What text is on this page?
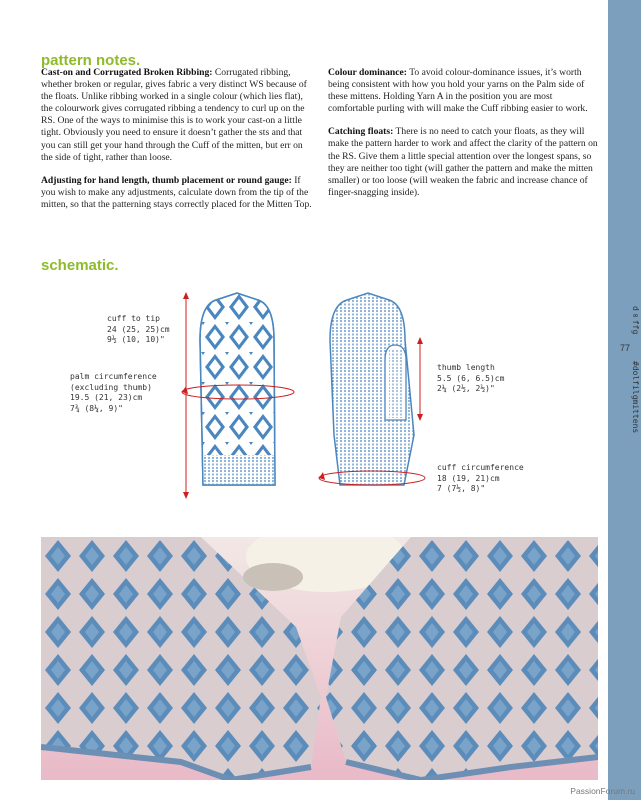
d∞ffg
77
#dolfilgmittens
pattern notes.

Cast-on and Corrugated Broken Ribbing: Corrugated ribbing, whether broken or regular, gives fabric a very distinct WS because of the floats. Unlike ribbing worked in a single colour (which lies flat), the colourwork gives corrugated ribbing a tendency to curl up on the RS. One of the ways to minimise this is to work your cast-on a little tight. Obviously you need to ensure it doesn’t gather the sts and that you can still get your hand through the Cuff of the mitten, but err on the side of tight, rather than loose.

Adjusting for hand length, thumb placement or round gauge: If you wish to make any adjustments, calculate down from the tip of the mitten, so that the patterning stays correctly placed for the Mitten Top.

Colour dominance: To avoid colour-dominance issues, it’s worth being consistent with how you hold your yarns on the Palm side of these mittens. Holding Yarn A in the position you are most comfortable purling with will make the Cuff ribbing easier to work.

Catching floats: There is no need to catch your floats, as they will make the pattern harder to work and affect the clarity of the pattern on the RS. Give them a little special attention over the longest spans, so they are neither too tight (will gather the pattern and make the mitten smaller) or too loose (will weaken the fabric and increase chance of finger-snagging inside).

schematic.
cuff to tip
24 (25, 25)cm
9½ (10, 10)"
palm circumference
(excluding thumb)
19.5 (21, 23)cm
7¾ (8¼, 9)"
thumb length
5.5 (6, 6.5)cm
2¼ (2½, 2½)"
cuff circumference
18 (19, 21)cm
7 (7½, 8)"
PassionForum.ru
